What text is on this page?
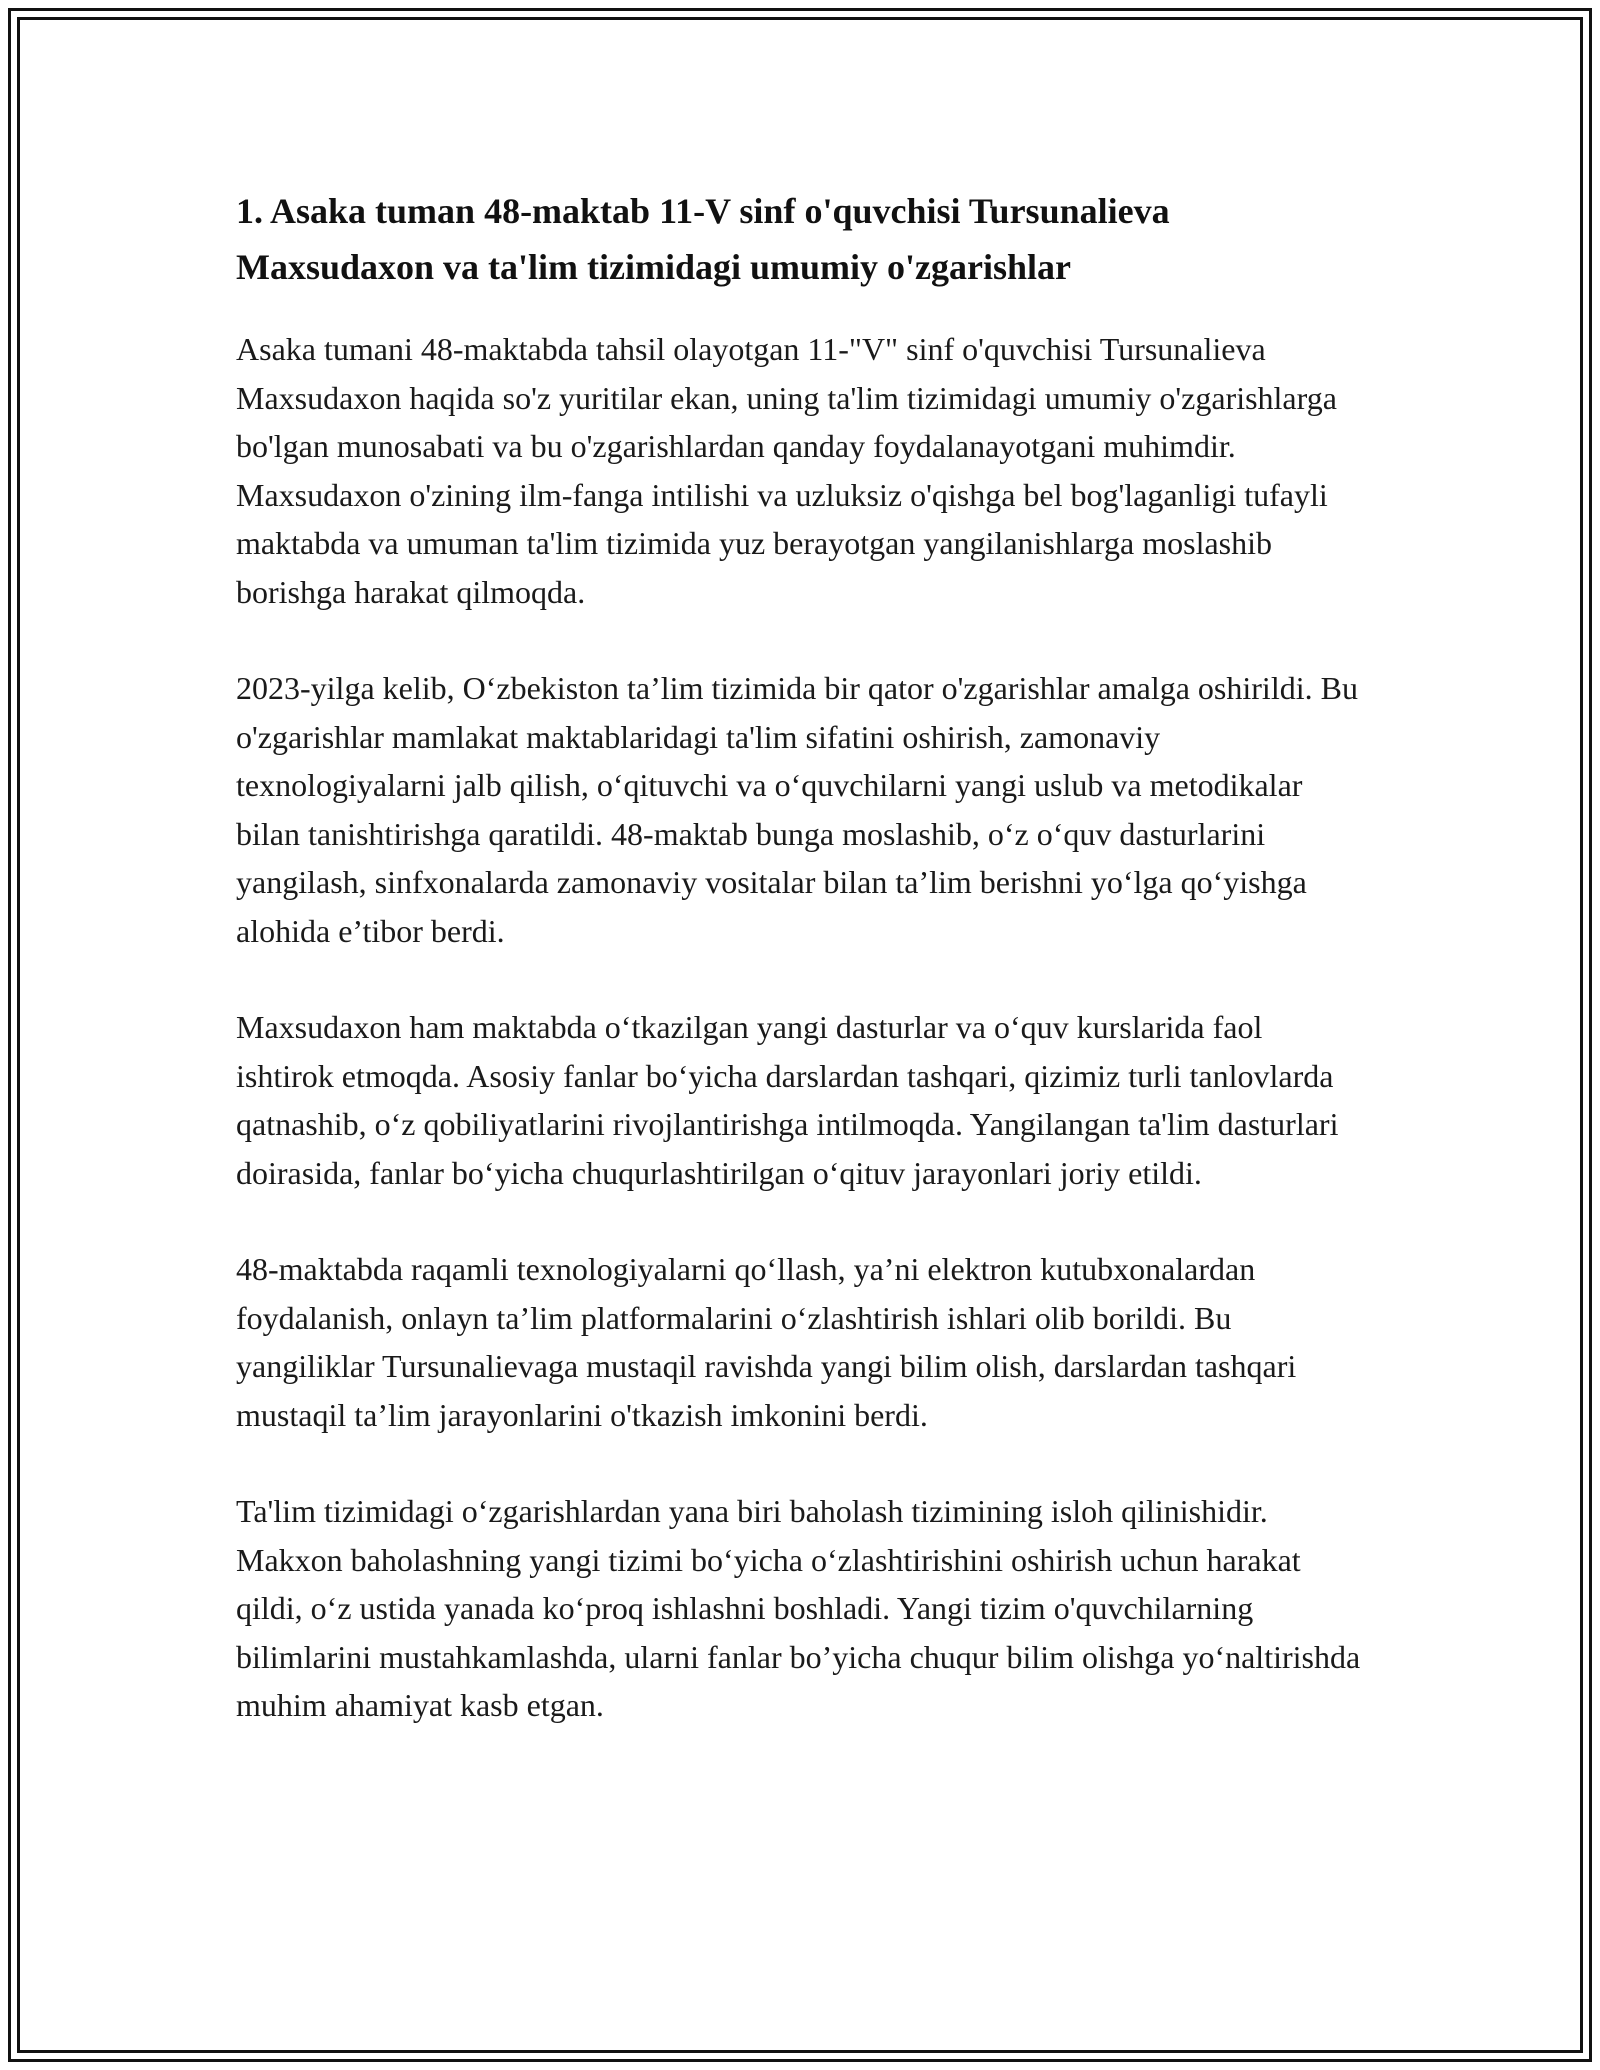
1. Asaka tuman 48-maktab 11-V sinf o'quvchisi Tursunalieva Maxsudaxon va ta'lim tizimidagi umumiy o'zgarishlar

Asaka tumani 48-maktabda tahsil olayotgan 11-"V" sinf o'quvchisi Tursunalieva Maxsudaxon haqida so'z yuritilar ekan, uning ta'lim tizimidagi umumiy o'zgarishlarga bo'lgan munosabati va bu o'zgarishlardan qanday foydalanayotgani muhimdir. Maxsudaxon o'zining ilm-fanga intilishi va uzluksiz o'qishga bel bog'laganligi tufayli maktabda va umuman ta'lim tizimida yuz berayotgan yangilanishlarga moslashib borishga harakat qilmoqda.

2023-yilga kelib, O‘zbekiston ta’lim tizimida bir qator o'zgarishlar amalga oshirildi. Bu o'zgarishlar mamlakat maktablaridagi ta'lim sifatini oshirish, zamonaviy texnologiyalarni jalb qilish, o‘qituvchi va o‘quvchilarni yangi uslub va metodikalar bilan tanishtirishga qaratildi. 48-maktab bunga moslashib, o‘z o‘quv dasturlarini yangilash, sinfxonalarda zamonaviy vositalar bilan ta’lim berishni yo‘lga qo‘yishga alohida e’tibor berdi.

Maxsudaxon ham maktabda o‘tkazilgan yangi dasturlar va o‘quv kurslarida faol ishtirok etmoqda. Asosiy fanlar bo‘yicha darslardan tashqari, qizimiz turli tanlovlarda qatnashib, o‘z qobiliyatlarini rivojlantirishga intilmoqda. Yangilangan ta'lim dasturlari doirasida, fanlar bo‘yicha chuqurlashtirilgan o‘qituv jarayonlari joriy etildi.

48-maktabda raqamli texnologiyalarni qo‘llash, ya’ni elektron kutubxonalardan foydalanish, onlayn ta’lim platformalarini o‘zlashtirish ishlari olib borildi. Bu yangiliklar Tursunalievaga mustaqil ravishda yangi bilim olish, darslardan tashqari mustaqil ta’lim jarayonlarini o'tkazish imkonini berdi.

Ta'lim tizimidagi o‘zgarishlardan yana biri baholash tizimining isloh qilinishidir. Makxon baholashning yangi tizimi bo‘yicha o‘zlashtirishini oshirish uchun harakat qildi, o‘z ustida yanada ko‘proq ishlashni boshladi. Yangi tizim o'quvchilarning bilimlarini mustahkamlashda, ularni fanlar bo’yicha chuqur bilim olishga yo‘naltirishda muhim ahamiyat kasb etgan.
